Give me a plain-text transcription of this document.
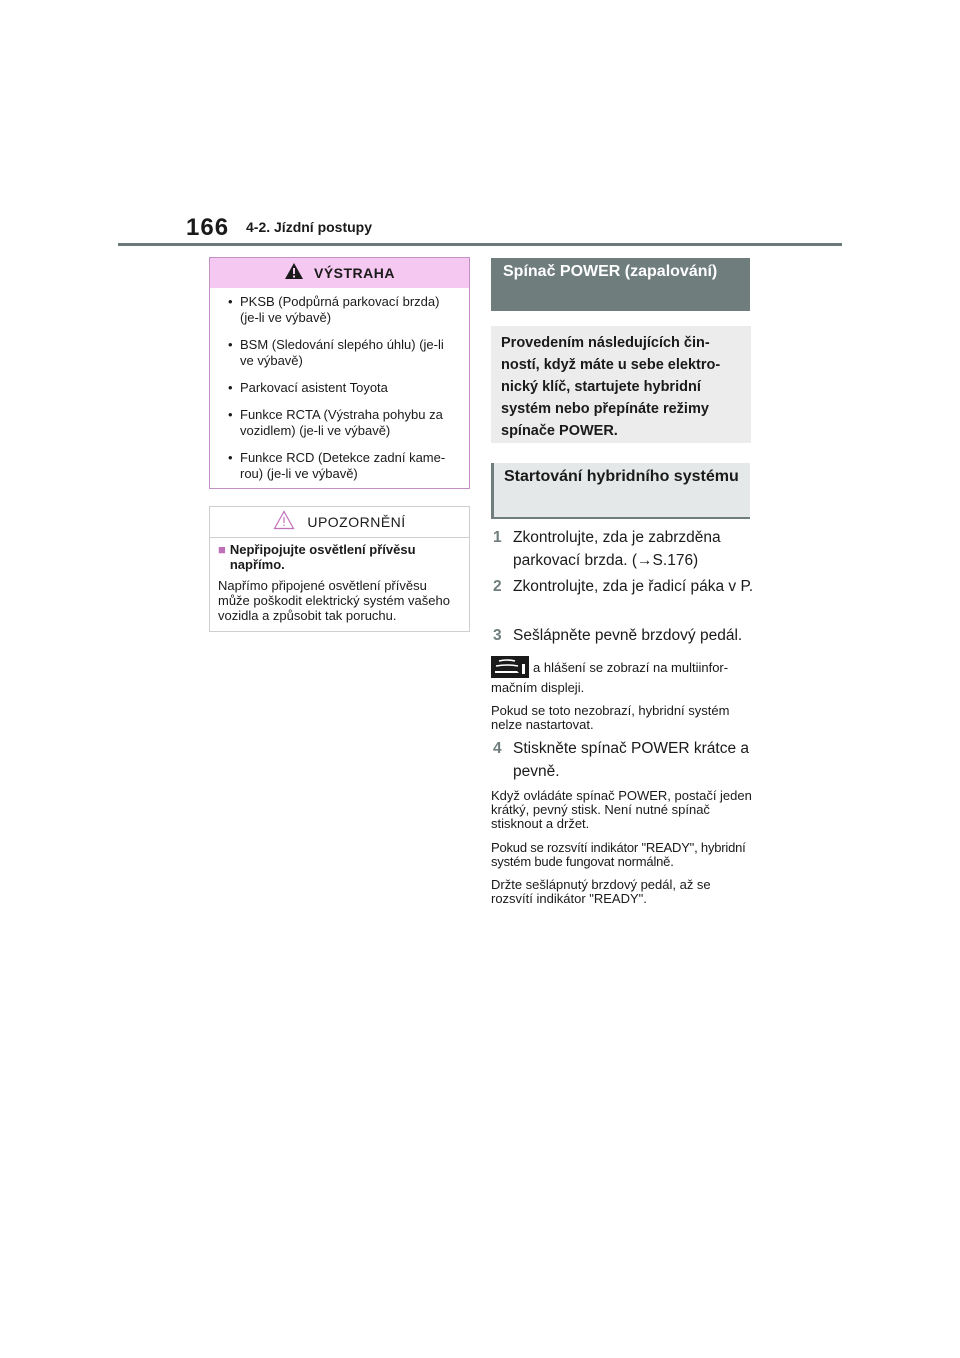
166 4-2. Jízdní postupy
VÝSTRAHA
• PKSB (Podpůrná parkovací brzda) (je-li ve výbavě)
• BSM (Sledování slepého úhlu) (je-li ve výbavě)
• Parkovací asistent Toyota
• Funkce RCTA (Výstraha pohybu za vozidlem) (je-li ve výbavě)
• Funkce RCD (Detekce zadní kamerou) (je-li ve výbavě)
UPOZORNĚNÍ
■ Nepřipojujte osvětlení přívěsu napřímo.
Napřímo připojené osvětlení přívěsu může poškodit elektrický systém vašeho vozidla a způsobit tak poruchu.
Spínač POWER (zapalování)
Provedením následujících činností, když máte u sebe elektronický klíč, startujete hybridní systém nebo přepínáte režimy spínače POWER.
Startování hybridního systému
1 Zkontrolujte, zda je zabrzděna parkovací brzda. (→S.176)
2 Zkontrolujte, zda je řadicí páka v P.
3 Sešlápněte pevně brzdový pedál.
a hlášení se zobrazí na multiinformačním displeji.
Pokud se toto nezobrazí, hybridní systém nelze nastartovat.
4 Stiskněte spínač POWER krátce a pevně.
Když ovládáte spínač POWER, postačí jeden krátký, pevný stisk. Není nutné spínač stisknout a držet.
Pokud se rozsvítí indikátor "READY", hybridní systém bude fungovat normálně.
Držte sešlápnutý brzdový pedál, až se rozsvítí indikátor "READY".
